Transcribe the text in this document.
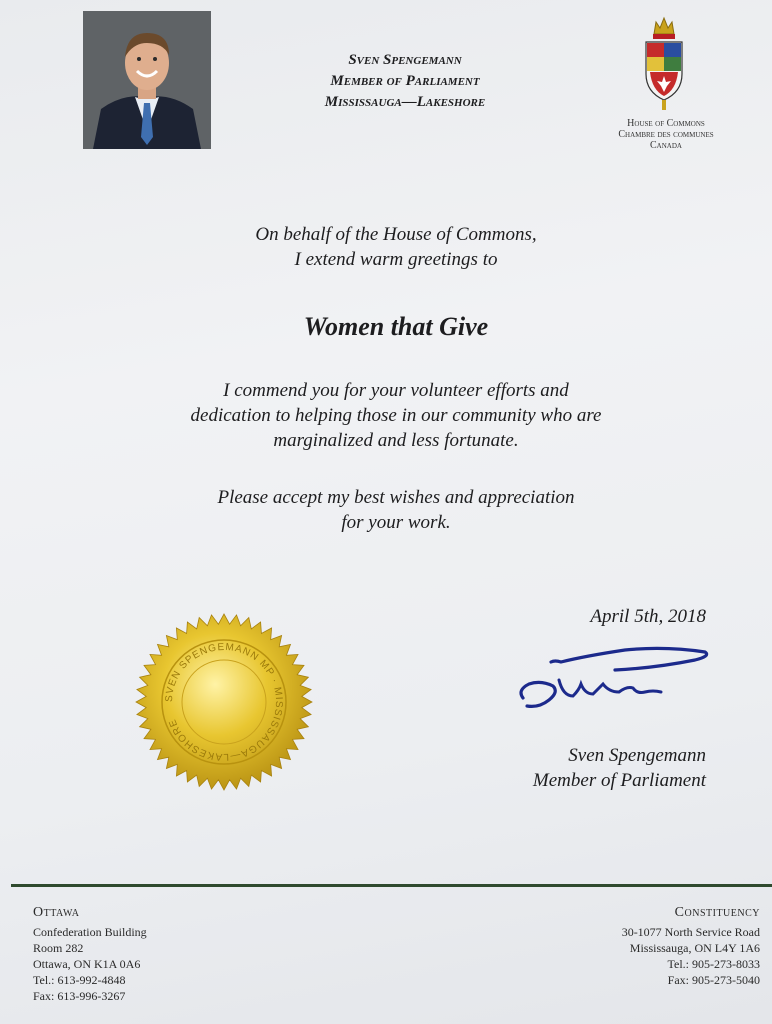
Sven Spengemann
Member of Parliament
Mississauga—Lakeshore
House of Commons
Chambre des communes
Canada
On behalf of the House of Commons,
I extend warm greetings to
Women that Give
I commend you for your volunteer efforts and
dedication to helping those in our community who are
marginalized and less fortunate.
Please accept my best wishes and appreciation
for your work.
April 5th, 2018
Sven Spengemann
Member of Parliament
SVEN SPENGEMANN MP · MISSISSAUGA—LAKESHORE
Ottawa
Confederation Building
Room 282
Ottawa, ON K1A 0A6
Tel.: 613-992-4848
Fax: 613-996-3267
Constituency
30-1077 North Service Road
Mississauga, ON L4Y 1A6
Tel.: 905-273-8033
Fax: 905-273-5040
